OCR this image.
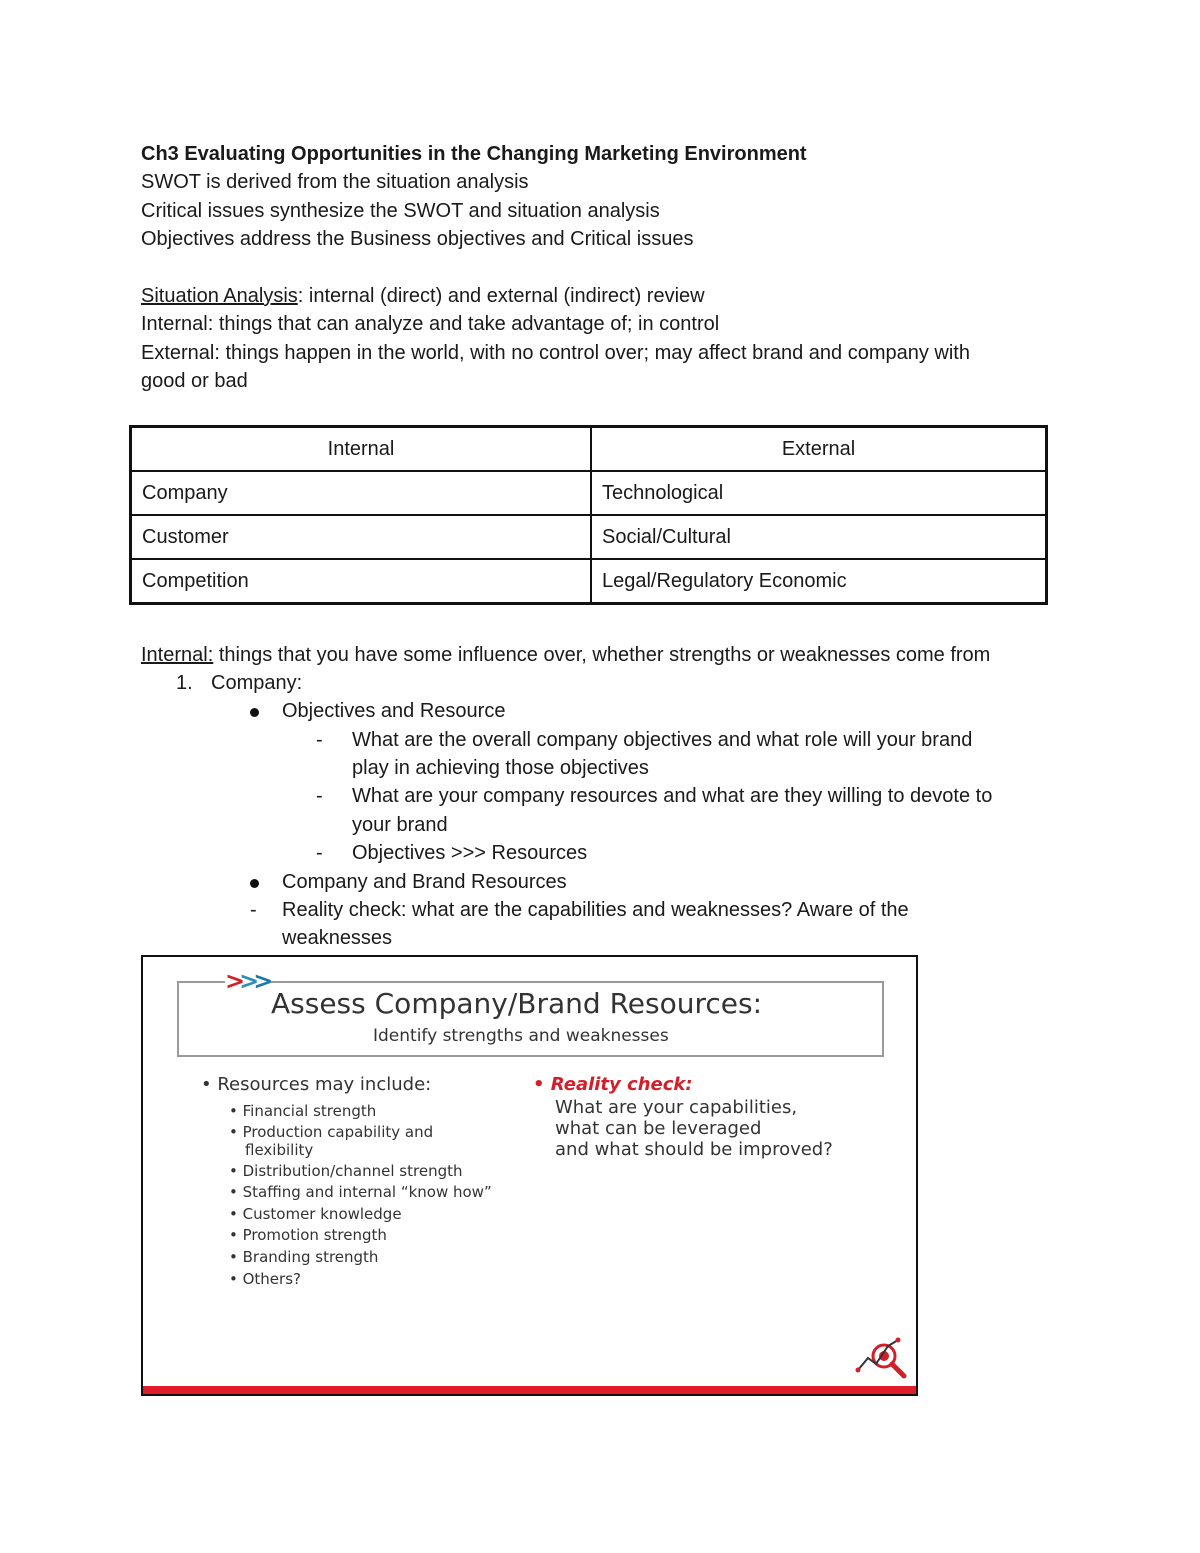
Ch3 Evaluating Opportunities in the Changing Marketing Environment
SWOT is derived from the situation analysis
Critical issues synthesize the SWOT and situation analysis
Objectives address the Business objectives and Critical issues
Situation Analysis: internal (direct) and external (indirect) review
Internal: things that can analyze and take advantage of; in control
External: things happen in the world, with no control over; may affect brand and company with
good or bad
Internal	External
Company	Technological
Customer	Social/Cultural
Competition	Legal/Regulatory Economic
Internal: things that you have some influence over, whether strengths or weaknesses come from
1. Company:
Objectives and Resource
- What are the overall company objectives and what role will your brand
play in achieving those objectives
- What are your company resources and what are they willing to devote to
your brand
- Objectives >>> Resources
Company and Brand Resources
- Reality check: what are the capabilities and weaknesses? Aware of the
weaknesses
>>>
Assess Company/Brand Resources:
Identify strengths and weaknesses
• Resources may include:
• Financial strength
• Production capability and
flexibility
• Distribution/channel strength
• Staffing and internal “know how”
• Customer knowledge
• Promotion strength
• Branding strength
• Others?
• Reality check:
What are your capabilities,
what can be leveraged
and what should be improved?
